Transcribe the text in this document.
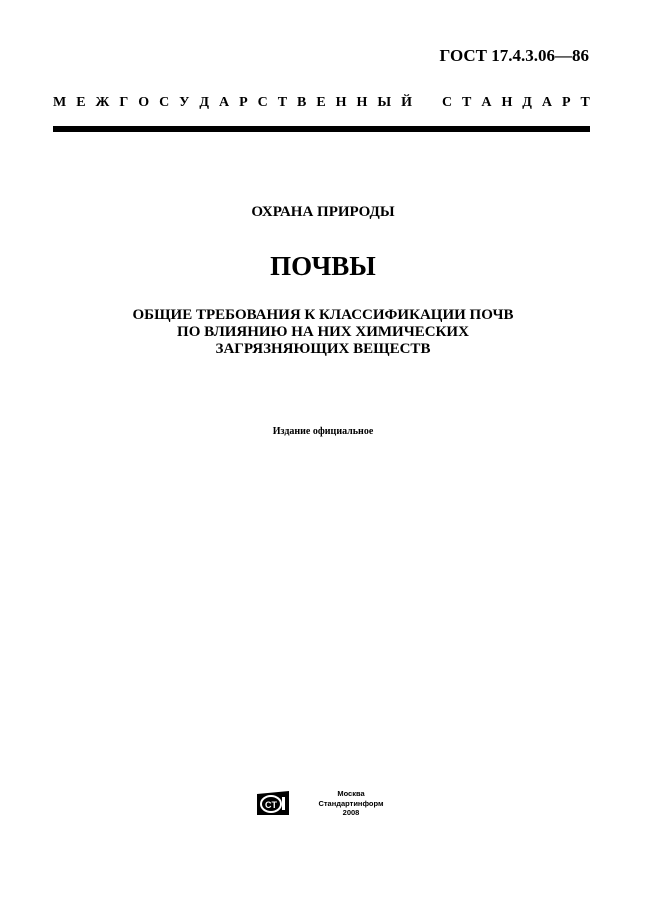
ГОСТ 17.4.3.06—86
М Е Ж Г О С У Д А Р С Т В Е Н Н Ы Й С Т А Н Д А Р Т
ОХРАНА ПРИРОДЫ
ПОЧВЫ
ОБЩИЕ ТРЕБОВАНИЯ К КЛАССИФИКАЦИИ ПОЧВ
ПО ВЛИЯНИЮ НА НИХ ХИМИЧЕСКИХ
ЗАГРЯЗНЯЮЩИХ ВЕЩЕСТВ
Издание официальное
CT
Москва
Стандартинформ
2008
